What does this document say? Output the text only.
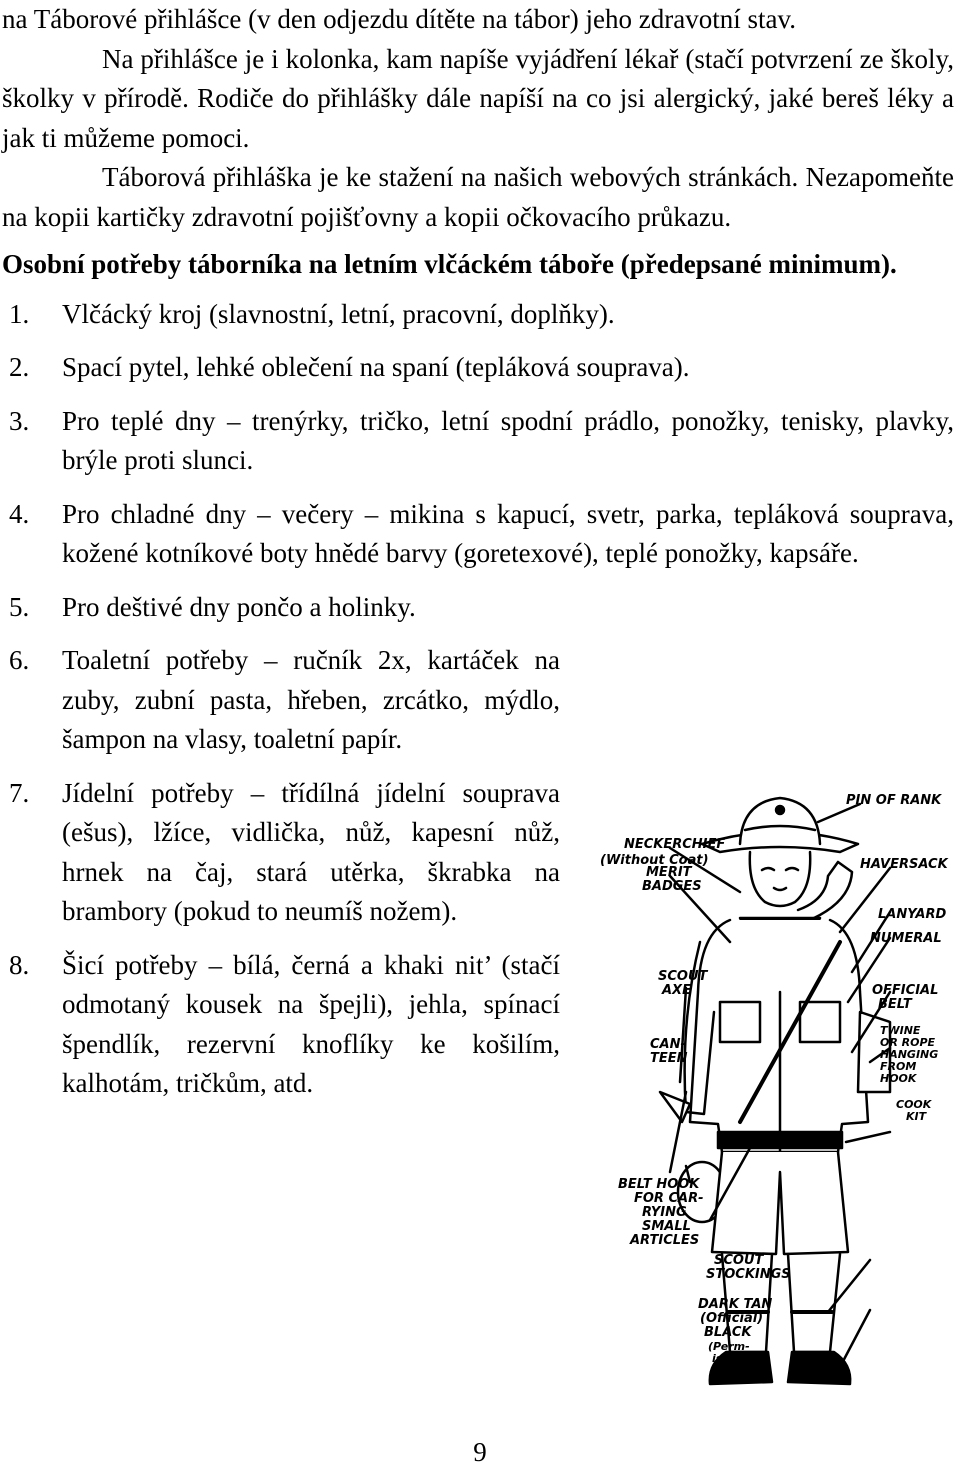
na Táborové přihlášce (v den odjezdu dítěte na tábor) jeho zdravotní stav.

Na přihlášce je i kolonka, kam napíše vyjádření lékař (stačí potvrzení ze školy, školky v přírodě. Rodiče do přihlášky dále napíší na co jsi alergický, jaké bereš léky a jak ti můžeme pomoci.

Táborová přihláška je ke stažení na našich webových stránkách. Nezapomeňte na kopii kartičky zdravotní pojišťovny a kopii očkovacího průkazu.

Osobní potřeby táborníka na letním vlčáckém táboře (předepsané minimum).

1. Vlčácký kroj (slavnostní, letní, pracovní, doplňky).
2. Spací pytel, lehké oblečení na spaní (tepláková souprava).
3. Pro teplé dny – trenýrky, tričko, letní spodní prádlo, ponožky, tenisky, plavky, brýle proti slunci.
4. Pro chladné dny – večery – mikina s kapucí, svetr, parka, tepláková souprava, kožené kotníkové boty hnědé barvy (goretexové), teplé ponožky, kapsáře.
5. Pro deštivé dny pončo a holinky.
6. Toaletní potřeby – ručník 2x, kartáček na zuby, zubní pasta, hřeben, zrcátko, mýdlo, šampon na vlasy, toaletní papír.
7. Jídelní potřeby – třídílná jídelní souprava (ešus), lžíce, vidlička, nůž, kapesní nůž, hrnek na čaj, stará utěrka, škrabka na brambory (pokud to neumíš nožem).
8. Šicí potřeby – bílá, černá a khaki nit’ (stačí odmotaný kousek na špejli), jehla, spínací špendlík, rezervní knoflíky ke košilím, kalhotám, tričkům, atd.
PIN OF RANK
NECKERCHIEF
(Without Coat)
MERIT
BADGES
HAVERSACK
LANYARD
NUMERAL
SCOUT
AXE	OFFICIAL
BELT
TWINE
OR ROPE
HANGING
FROM
HOOK
CAN-
TEEN
COOK
KIT
BELT HOOK
FOR CAR-
RYING
SMALL
ARTICLES
SCOUT
STOCKINGS
DARK TAN
(Official)
BLACK
(Perm-
issible)
9
